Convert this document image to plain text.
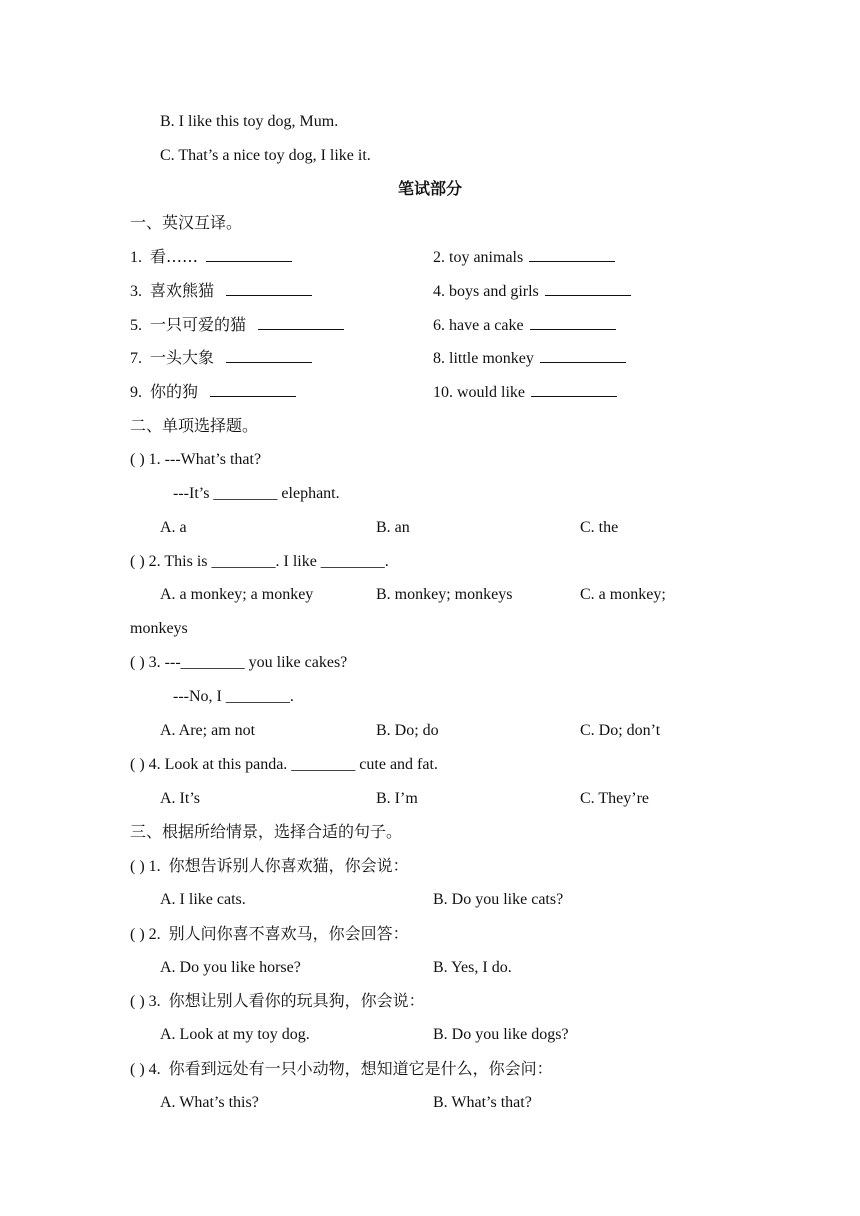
B. I like this toy dog, Mum.
C. That’s a nice toy dog, I like it.
笔试部分
一、英汉互译。
1. 看……	2. toy animals
3. 喜欢熊猫	4. boys and girls
5. 一只可爱的猫	6. have a cake
7. 一头大象	8. little monkey
9. 你的狗	10. would like
二、单项选择题。
( ) 1. ---What’s that?
---It’s ________ elephant.
A. a	B. an	C. the
( ) 2. This is ________. I like ________.
A. a monkey; a monkey	B. monkey; monkeys	C. a monkey;
monkeys
( ) 3. ---________ you like cakes?
---No, I ________.
A. Are; am not	B. Do; do	C. Do; don’t
( ) 4. Look at this panda. ________ cute and fat.
A. It’s	B. I’m	C. They’re
三、根据所给情景，选择合适的句子。
( ) 1. 你想告诉别人你喜欢猫，你会说：
A. I like cats.	B. Do you like cats?
( ) 2. 别人问你喜不喜欢马，你会回答：
A. Do you like horse?	B. Yes, I do.
( ) 3. 你想让别人看你的玩具狗，你会说：
A. Look at my toy dog.	B. Do you like dogs?
( ) 4. 你看到远处有一只小动物，想知道它是什么，你会问：
A. What’s this?	B. What’s that?
